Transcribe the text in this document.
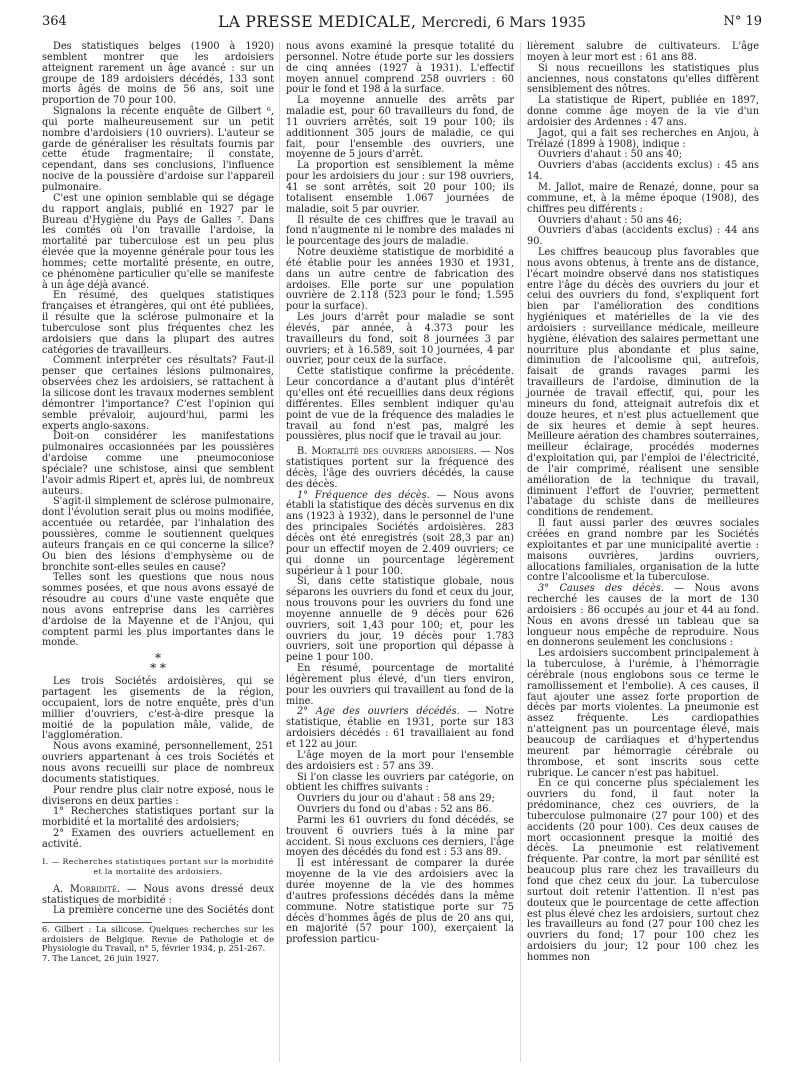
364	LA PRESSE MEDICALE, Mercredi, 6 Mars 1935	N° 19

Des statistiques belges (1900 à 1920) semblent montrer que les ardoisiers atteignent rarement un âge avancé : sur un groupe de 189 ardoisiers décédés, 133 sont morts âgés de moins de 56 ans, soit une proportion de 70 pour 100.

Signalons la récente enquête de Gilbert ⁶, qui porte malheureusement sur un petit nombre d'ardoisiers (10 ouvriers). L'auteur se garde de généraliser les résultats fournis par cette étude fragmentaire; il constate, cependant, dans ses conclusions, l'influence nocive de la poussière d'ardoise sur l'appareil pulmonaire.

C'est une opinion semblable qui se dégage du rapport anglais, publié en 1927 par le Bureau d'Hygiène du Pays de Galles ⁷. Dans les comtés où l'on travaille l'ardoise, la mortalité par tuberculose est un peu plus élevée que la moyenne générale pour tous les hommes; cette mortalité présente, en outre, ce phénomène particulier qu'elle se manifeste à un âge déjà avancé.

En résumé, des quelques statistiques françaises et étrangères, qui ont été publiées, il résulte que la sclérose pulmonaire et la tuberculose sont plus fréquentes chez les ardoisiers que dans la plupart des autres catégories de travailleurs.

Comment interpréter ces résultats? Faut-il penser que certaines lésions pulmonaires, observées chez les ardoisiers, se rattachent à la silicose dont les travaux modernes semblent démontrer l'importance? C'est l'opinion qui semble prévaloir, aujourd'hui, parmi les experts anglo-saxons.

Doit-on considérer les manifestations pulmonaires occasionnées par les poussières d'ardoise comme une pneumoconiose spéciale? une schistose, ainsi que semblent l'avoir admis Ripert et, après lui, de nombreux auteurs.

S'agit-il simplement de sclérose pulmonaire, dont l'évolution serait plus ou moins modifiée, accentuée ou retardée, par l'inhalation des poussières, comme le soutiennent quelques auteurs français en ce qui concerne la silice? Ou bien des lésions d'emphysème ou de bronchite sont-elles seules en cause?

Telles sont les questions que nous nous sommes posées, et que nous avons essayé de résoudre au cours d'une vaste enquête que nous avons entreprise dans les carrières d'ardoise de la Mayenne et de l'Anjou, qui comptent parmi les plus importantes dans le monde.

*
* *

Les trois Sociétés ardoisières, qui se partagent les gisements de la région, occupaient, lors de notre enquête, près d'un millier d'ouvriers, c'est-à-dire presque la moitié de la population mâle, valide, de l'agglomération.

Nous avons examiné, personnellement, 251 ouvriers appartenant à ces trois Sociétés et nous avons recueilli sur place de nombreux documents statistiques.

Pour rendre plus clair notre exposé, nous le diviserons en deux parties :

1° Recherches statistiques portant sur la morbidité et la mortalité des ardoisiers;

2° Examen des ouvriers actuellement en activité.

I. — Recherches statistiques portant sur la morbidité et la mortalité des ardoisiers.

A. Morbidité. — Nous avons dressé deux statistiques de morbidité :

La première concerne une des Sociétés dont

6. Gilbert : La silicose. Quelques recherches sur les ardoisiers de Belgique. Revue de Pathologie et de Physiologie du Travail, n° 5, février 1934, p. 251-267.

7. The Lancet, 26 juin 1927.

nous avons examiné la presque totalité du personnel. Notre étude porte sur les dossiers de cinq années (1927 à 1931). L'effectif moyen annuel comprend 258 ouvriers : 60 pour le fond et 198 à la surface.

La moyenne annuelle des arrêts par maladie est, pour 60 travailleurs du fond, de 11 ouvriers arrêtés, soit 19 pour 100; ils additionnent 305 jours de maladie, ce qui fait, pour l'ensemble des ouvriers, une moyenne de 5 jours d'arrêt.

La proportion est sensiblement la même pour les ardoisiers du jour : sur 198 ouvriers, 41 se sont arrêtés, soit 20 pour 100; ils totalisent ensemble 1.067 journées de maladie, soit 5 par ouvrier.

Il résulte de ces chiffres que le travail au fond n'augmente ni le nombre des malades ni le pourcentage des jours de maladie.

Notre deuxième statistique de morbidité a été établie pour les années 1930 et 1931, dans un autre centre de fabrication des ardoises. Elle porte sur une population ouvrière de 2.118 (523 pour le fond; 1.595 pour la surface).

Les jours d'arrêt pour maladie se sont élevés, par année, à 4.373 pour les travailleurs du fond, soit 8 journées 3 par ouvriers; et à 16.589, soit 10 journées, 4 par ouvrier, pour ceux de la surface.

Cette statistique confirme la précédente. Leur concordance a d'autant plus d'intérêt qu'elles ont été recueillies dans deux régions différentes. Elles semblent indiquer qu'au point de vue de la fréquence des maladies le travail au fond n'est pas, malgré les poussières, plus nocif que le travail au jour.

B. Mortalité des ouvriers ardoisiers. — Nos statistiques portent sur la fréquence des décès, l'âge des ouvriers décédés, la cause des décès.

1° Fréquence des décès. — Nous avons établi la statistique des décès survenus en dix ans (1923 à 1932), dans le personnel de l'une des principales Sociétés ardoisières. 283 décès ont été enregistrés (soit 28,3 par an) pour un effectif moyen de 2.409 ouvriers; ce qui donne un pourcentage légèrement supérieur à 1 pour 100.

Si, dans cette statistique globale, nous séparons les ouvriers du fond et ceux du jour, nous trouvons pour les ouvriers du fond une moyenne annuelle de 9 décès pour 626 ouvriers, soit 1,43 pour 100; et, pour les ouvriers du jour, 19 décès pour 1.783 ouvriers, soit une proportion qui dépasse à peine 1 pour 100.

En résumé, pourcentage de mortalité légèrement plus élevé, d'un tiers environ, pour les ouvriers qui travaillent au fond de la mine.

2° Age des ouvriers décédés. — Notre statistique, établie en 1931, porte sur 183 ardoisiers décédés : 61 travaillaient au fond et 122 au jour.

L'âge moyen de la mort pour l'ensemble des ardoisiers est : 57 ans 39.

Si l'on classe les ouvriers par catégorie, on obtient les chiffres suivants :

Ouvriers du jour ou d'ahaut : 58 ans 29;

Ouvriers du fond ou d'abas : 52 ans 86.

Parmi les 61 ouvriers du fond décédés, se trouvent 6 ouvriers tués à la mine par accident. Si nous excluons ces derniers, l'âge moyen des décédés du fond est : 53 ans 89.

Il est intéressant de comparer la durée moyenne de la vie des ardoisiers avec la durée moyenne de la vie des hommes d'autres professions décédés dans la même commune. Notre statistique porte sur 75 décès d'hommes âgés de plus de 20 ans qui, en majorité (57 pour 100), exerçaient la profession particu-

lièrement salubre de cultivateurs. L'âge moyen à leur mort est : 61 ans 88.

Si nous recueillons les statistiques plus anciennes, nous constatons qu'elles diffèrent sensiblement des nôtres.

La statistique de Ripert, publiée en 1897, donne comme âge moyen de la vie d'un ardoisier des Ardennes : 47 ans.

Jagot, qui a fait ses recherches en Anjou, à Trélazé (1899 à 1908), indique :

Ouvriers d'ahaut : 50 ans 40;

Ouvriers d'abas (accidents exclus) : 45 ans 14.

M. Jallot, maire de Renazé, donne, pour sa commune, et, à la même époque (1908), des chiffres peu différents :

Ouvriers d'ahaut : 50 ans 46;

Ouvriers d'abas (accidents exclus) : 44 ans 90.

Les chiffres beaucoup plus favorables que nous avons obtenus, à trente ans de distance, l'écart moindre observé dans nos statistiques entre l'âge du décès des ouvriers du jour et celui des ouvriers du fond, s'expliquent fort bien par l'amélioration des conditions hygiéniques et matérielles de la vie des ardoisiers : surveillance médicale, meilleure hygiène, élévation des salaires permettant une nourriture plus abondante et plus saine, diminution de l'alcoolisme qui, autrefois, faisait de grands ravages parmi les travailleurs de l'ardoise, diminution de la journée de travail effectif, qui, pour les mineurs du fond, atteignait autrefois dix et douze heures, et n'est plus actuellement que de six heures et demie à sept heures. Meilleure aération des chambres souterraines, meilleur éclairage, procédés modernes d'exploitation qui, par l'emploi de l'électricité, de l'air comprimé, réalisent une sensible amélioration de la technique du travail, diminuent l'effort de l'ouvrier, permettent l'abatage du schiste dans de meilleures conditions de rendement.

Il faut aussi parler des œuvres sociales créées en grand nombre par les Sociétés exploitantes et par une municipalité avertie : maisons ouvrières, jardins ouvriers, allocations familiales, organisation de la lutte contre l'alcoolisme et la tuberculose.

3° Causes des décès. — Nous avons recherché les causes de la mort de 130 ardoisiers : 86 occupés au jour et 44 au fond. Nous en avons dressé un tableau que sa longueur nous empêche de reproduire. Nous en donnerons seulement les conclusions :

Les ardoisiers succombent principalement à la tuberculose, à l'urémie, à l'hémorragie cérébrale (nous englobons sous ce terme le ramollissement et l'embolie). A ces causes, il faut ajouter une assez forte proportion de décès par morts violentes. La pneumonie est assez fréquente. Les cardiopathies n'atteignent pas un pourcentage élevé, mais beaucoup de cardiaques et d'hypertendus meurent par hémorragie cérébrale ou thrombose, et sont inscrits sous cette rubrique. Le cancer n'est pas habituel.

En ce qui concerne plus spécialement les ouvriers du fond, il faut noter la prédominance, chez ces ouvriers, de la tuberculose pulmonaire (27 pour 100) et des accidents (20 pour 100). Ces deux causes de mort occasionnent presque la moitié des décès. La pneumonie est relativement fréquente. Par contre, la mort par sénilité est beaucoup plus rare chez les travailleurs du fond que chez ceux du jour. La tuberculose surtout doit retenir l'attention. Il n'est pas douteux que le pourcentage de cette affection est plus élevé chez les ardoisiers, surtout chez les travailleurs au fond (27 pour 100 chez les ouvriers du fond; 17 pour 100 chez les ardoisiers du jour; 12 pour 100 chez les hommes non
